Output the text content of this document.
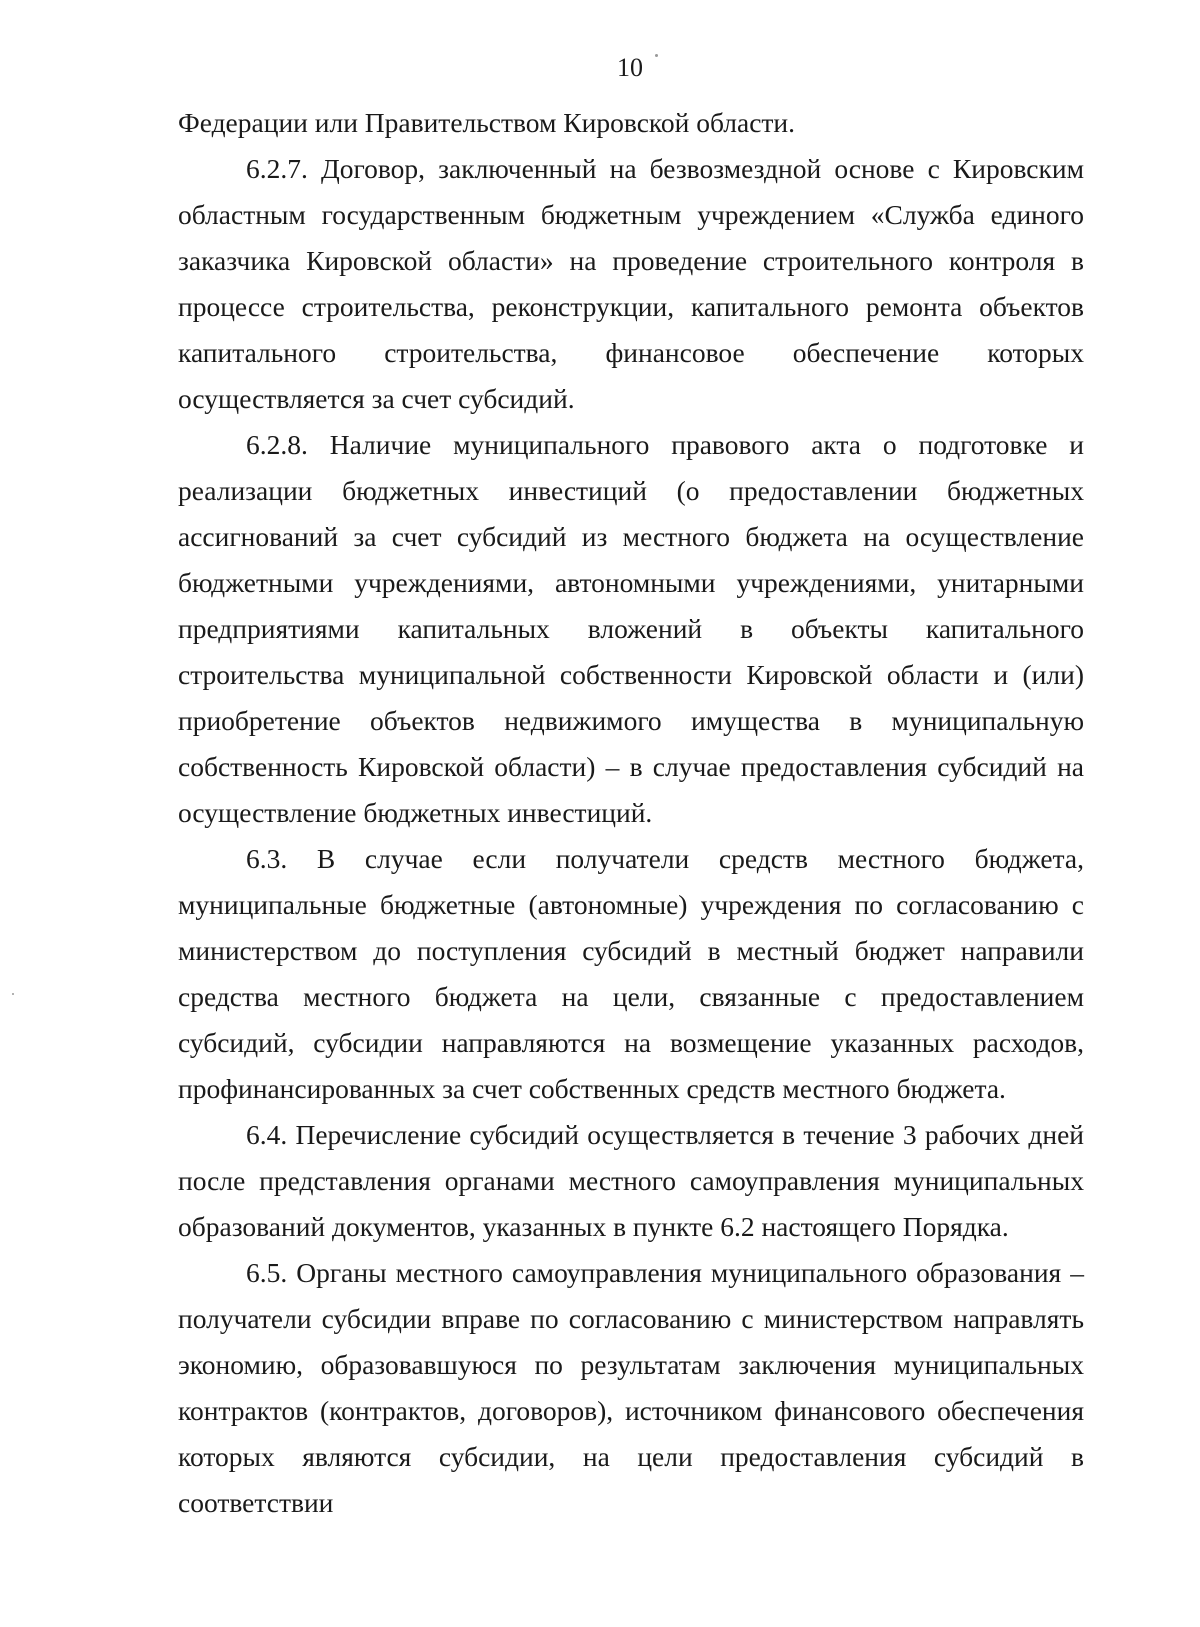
10

Федерации или Правительством Кировской области.

6.2.7. Договор, заключенный на безвозмездной основе с Кировским областным государственным бюджетным учреждением «Служба единого заказчика Кировской области» на проведение строительного контроля в процессе строительства, реконструкции, капитального ремонта объектов капитального строительства, финансовое обеспечение которых осуществляется за счет субсидий.

6.2.8. Наличие муниципального правового акта о подготовке и реализации бюджетных инвестиций (о предоставлении бюджетных ассигнований за счет субсидий из местного бюджета на осуществление бюджетными учреждениями, автономными учреждениями, унитарными предприятиями капитальных вложений в объекты капитального строительства муниципальной собственности Кировской области и (или) приобретение объектов недвижимого имущества в муниципальную собственность Кировской области) – в случае предоставления субсидий на осуществление бюджетных инвестиций.

6.3. В случае если получатели средств местного бюджета, муниципальные бюджетные (автономные) учреждения по согласованию с министерством до поступления субсидий в местный бюджет направили средства местного бюджета на цели, связанные с предоставлением субсидий, субсидии направляются на возмещение указанных расходов, профинансированных за счет собственных средств местного бюджета.

6.4. Перечисление субсидий осуществляется в течение 3 рабочих дней после представления органами местного самоуправления муниципальных образований документов, указанных в пункте 6.2 настоящего Порядка.

6.5. Органы местного самоуправления муниципального образования – получатели субсидии вправе по согласованию с министерством направлять экономию, образовавшуюся по результатам заключения муниципальных контрактов (контрактов, договоров), источником финансового обеспечения которых являются субсидии, на цели предоставления субсидий в соответствии
